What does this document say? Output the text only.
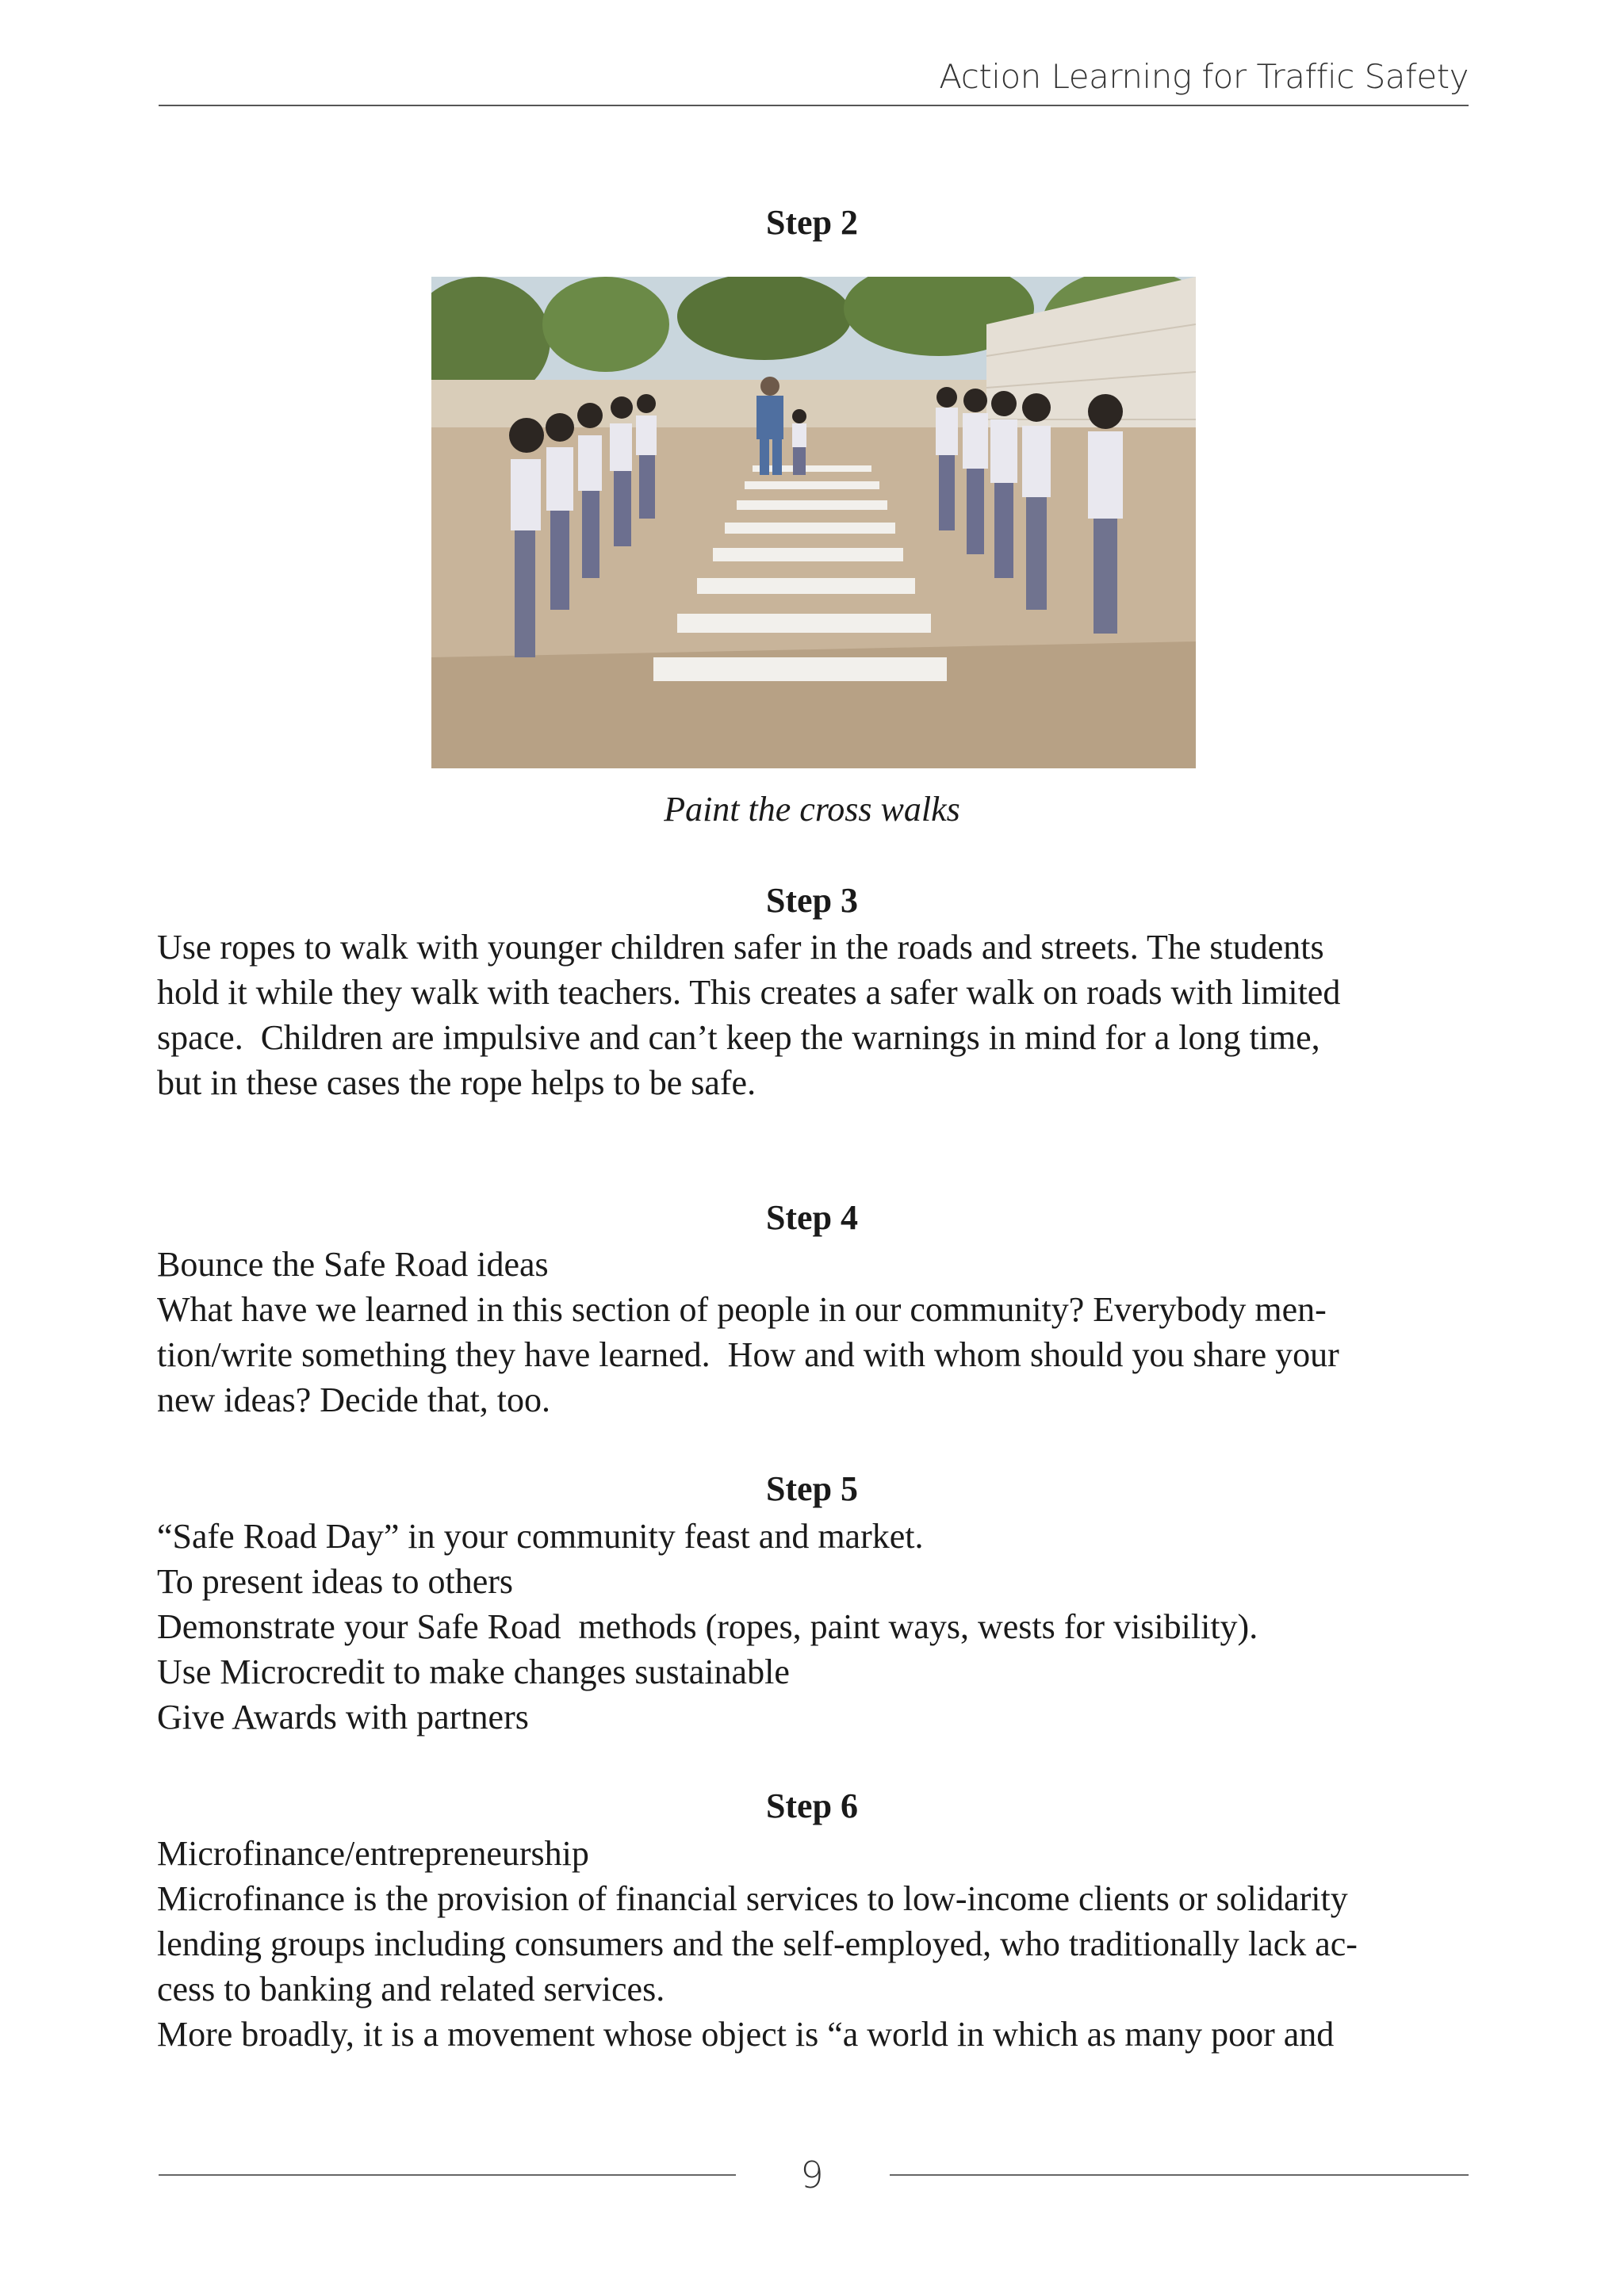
Action Learning for Traffic Safety
Step 2
Paint the cross walks
Step 3
Use ropes to walk with younger children safer in the roads and streets. The students
hold it while they walk with teachers. This creates a safer walk on roads with limited
space.  Children are impulsive and can’t keep the warnings in mind for a long time,
but in these cases the rope helps to be safe.
Step 4
Bounce the Safe Road ideas
What have we learned in this section of people in our community? Everybody men-
tion/write something they have learned.  How and with whom should you share your
new ideas? Decide that, too.
Step 5
“Safe Road Day” in your community feast and market.
To present ideas to others
Demonstrate your Safe Road  methods (ropes, paint ways, wests for visibility).
Use Microcredit to make changes sustainable
Give Awards with partners
Step 6
Microfinance/entrepreneurship
Microfinance is the provision of financial services to low-income clients or solidarity
lending groups including consumers and the self-employed, who traditionally lack ac-
cess to banking and related services.
More broadly, it is a movement whose object is “a world in which as many poor and
9
